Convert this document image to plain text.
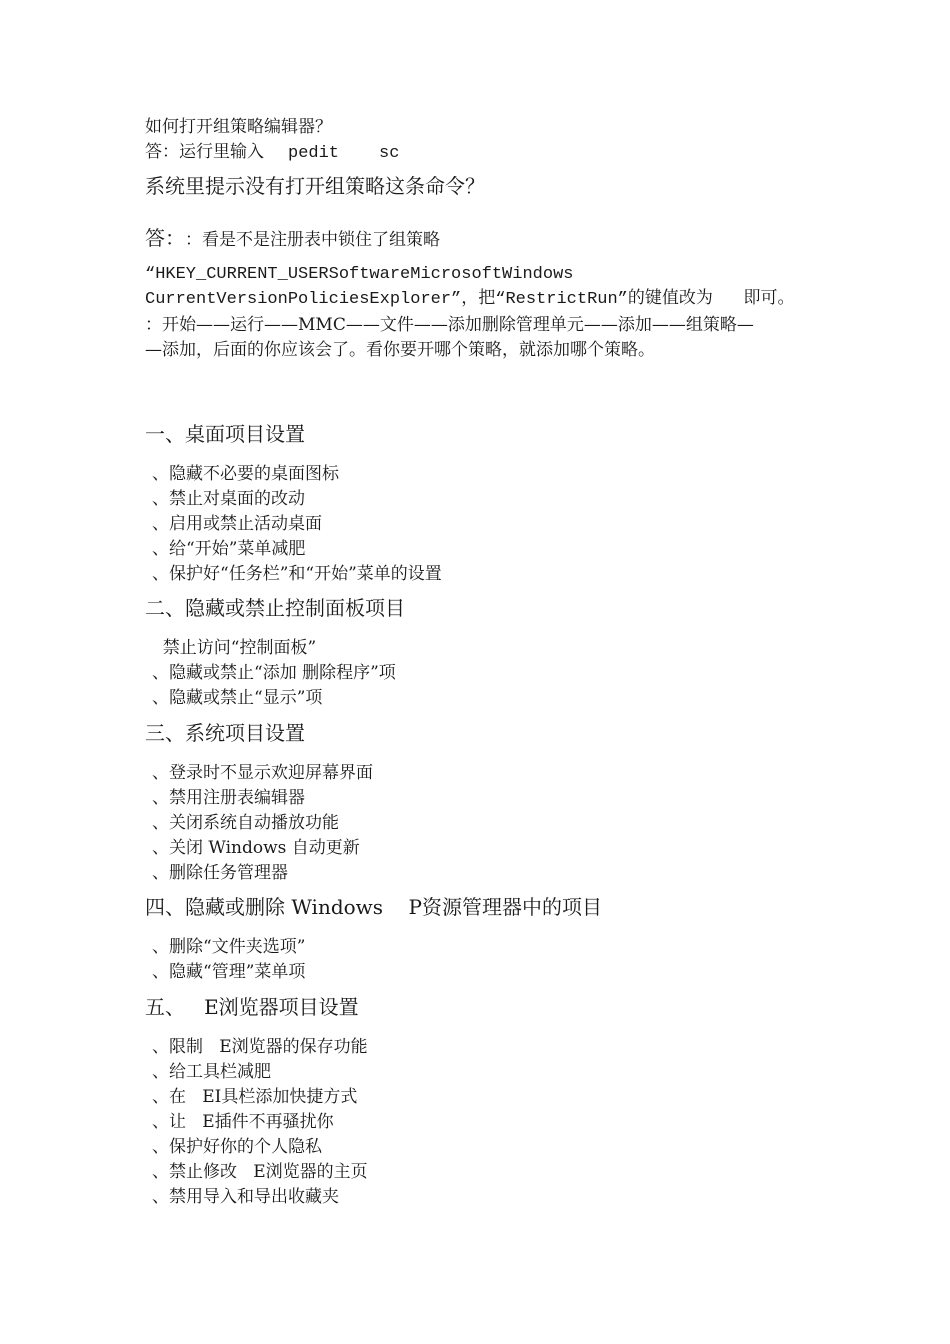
如何打开组策略编辑器？
答：运行里输入 pedit sc
系统里提示没有打开组策略这条命令？
答： ：看是不是注册表中锁住了组策略
“HKEY_CURRENT_USERSoftwareMicrosoftWindows
CurrentVersionPoliciesExplorer”，把“RestrictRun”的键值改为   即可。
：开始——运行——MMC——文件——添加删除管理单元——添加——组策略—
—添加，后面的你应该会了。看你要开哪个策略，就添加哪个策略。
一、桌面项目设置
、隐藏不必要的桌面图标
、禁止对桌面的改动
、启用或禁止活动桌面
、给“开始”菜单减肥
、保护好“任务栏”和“开始”菜单的设置
二、隐藏或禁止控制面板项目
禁止访问“控制面板”
、隐藏或禁止“添加 删除程序”项
、隐藏或禁止“显示”项
三、系统项目设置
、登录时不显示欢迎屏幕界面
、禁用注册表编辑器
、关闭系统自动播放功能
、关闭 Windows 自动更新
、删除任务管理器
四、隐藏或删除 Windows    P资源管理器中的项目
、删除“文件夹选项”
、隐藏“管理”菜单项
五、   E浏览器项目设置
、限制   E浏览器的保存功能
、给工具栏减肥
、在   EI具栏添加快捷方式
、让   E插件不再骚扰你
、保护好你的个人隐私
、禁止修改   E浏览器的主页
、禁用导入和导出收藏夹
